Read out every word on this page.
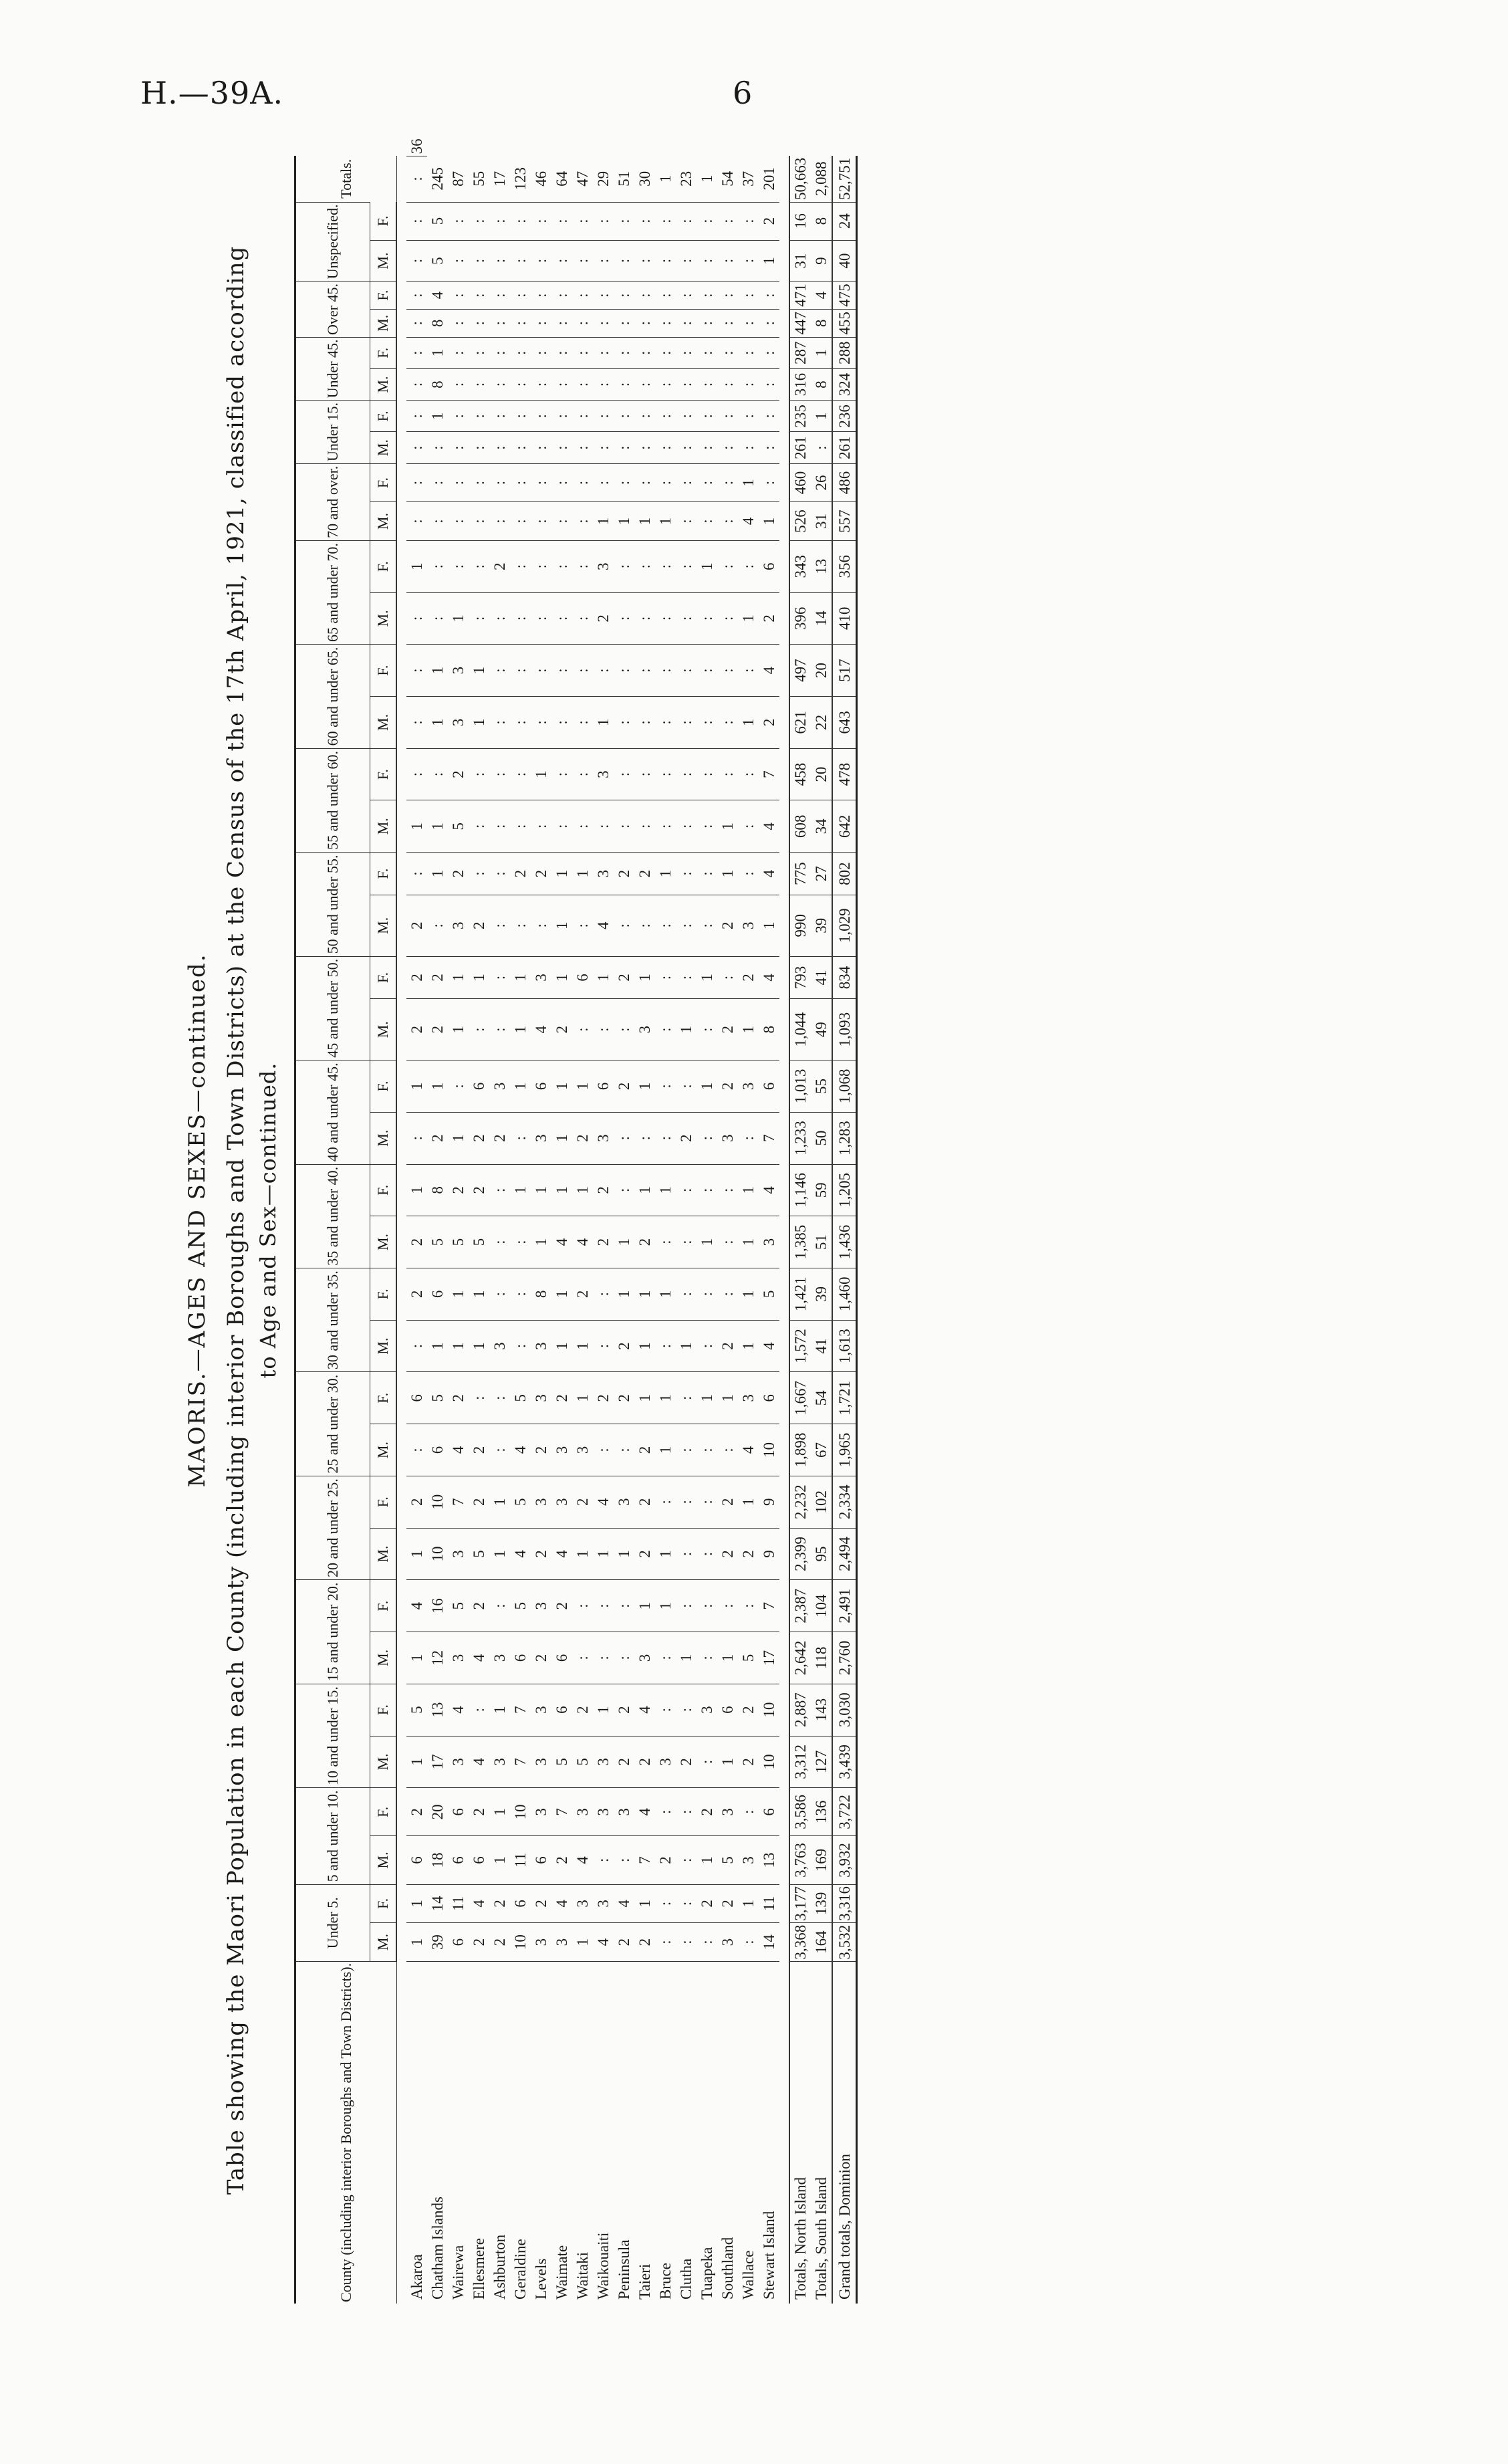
H.—39A.	6
MAORIS.—AGES AND SEXES—continued. Table showing the Maori Population in each County (including interior Boroughs and Town Districts) at the Census of the 17th April, 1921, classified according to Age and Sex—continued.
County (including interior Boroughs and Town Districts).	Under 5.		5 and under 10.		10 and under 15.		15 and under 20.		20 and under 25.		25 and under 30.		30 and under 35.		35 and under 40.		40 and under 45.		45 and under 50.		50 and under 55.		55 and under 60.		60 and under 65.		65 and under 70.		70 and over.		Under 15.		Under 45.		Over 45.		Unspecified.		Totals.	
	M.	F.	M.	F.	M.	F.	M.	F.	M.	F.	M.	F.	M.	F.	M.	F.	M.	F.	M.	F.	M.	F.	M.	F.	M.	F.	M.	F.	M.	F.	M.	F.	M.	F.	M.	F.	M.	F.		

Akaroa	1	1	6	2	1	5	1	4	1	2	:	6	:	2	2	1	:	1	2	2	2	:	1	:	:	:	:	1	:	:	:	:	:	:	:	:	:	:	:	36
Chatham Islands	39	14	18	20	17	13	12	16	10	10	6	5	1	6	5	8	2	1	2	2	:	1	1	:	1	1	:	:	:	:	:	1	8	1	8	4	5	5	245	
Wairewa	6	11	6	6	3	4	3	5	3	7	4	2	1	1	5	2	1	:	1	1	3	2	5	2	3	3	1	:	:	:	:	:	:	:	:	:	:	:	87	
Ellesmere	2	4	6	2	4	:	4	2	5	2	2	:	1	1	5	2	2	6	:	1	2	:	:	:	1	1	:	:	:	:	:	:	:	:	:	:	:	:	55	
Ashburton	2	2	1	1	3	1	3	:	1	1	:	:	3	:	:	:	2	3	:	:	:	:	:	:	:	:	:	2	:	:	:	:	:	:	:	:	:	:	17	
Geraldine	10	6	11	10	7	7	6	5	4	5	4	5	:	:	:	1	:	1	1	1	:	2	:	:	:	:	:	:	:	:	:	:	:	:	:	:	:	:	123	
Levels	3	2	6	3	3	3	2	3	2	3	2	3	3	8	1	1	3	6	4	3	:	2	:	1	:	:	:	:	:	:	:	:	:	:	:	:	:	:	46	
Waimate	3	4	2	7	5	6	6	2	4	3	3	2	1	1	4	1	1	1	2	1	1	1	:	:	:	:	:	:	:	:	:	:	:	:	:	:	:	:	64	
Waitaki	1	3	4	3	5	2	:	:	1	2	3	1	1	2	4	1	2	1	:	6	:	1	:	:	:	:	:	:	:	:	:	:	:	:	:	:	:	:	47	
Waikouaiti	4	3	:	3	3	1	:	:	1	4	:	2	:	:	2	2	3	6	:	1	4	3	:	3	1	:	2	3	1	:	:	:	:	:	:	:	:	:	29	
Peninsula	2	4	:	3	2	2	:	:	1	3	:	2	2	1	1	:	:	2	:	2	:	2	:	:	:	:	:	:	1	:	:	:	:	:	:	:	:	:	51	
Taieri	2	1	7	4	2	4	3	1	2	2	2	1	1	1	2	1	:	1	3	1	:	2	:	:	:	:	:	:	1	:	:	:	:	:	:	:	:	:	30	
Bruce	:	:	2	:	3	:	:	1	1	:	1	1	:	1	:	1	:	:	:	:	:	1	:	:	:	:	:	:	1	:	:	:	:	:	:	:	:	:	1	
Clutha	:	:	:	:	2	:	1	:	:	:	:	:	1	:	:	:	2	:	1	:	:	:	:	:	:	:	:	:	:	:	:	:	:	:	:	:	:	:	23	
Tuapeka	:	2	1	2	:	3	:	:	:	:	:	1	:	:	1	:	:	1	:	1	:	:	:	:	:	:	:	1	:	:	:	:	:	:	:	:	:	:	1	
Southland	3	2	5	3	1	6	1	:	2	2	:	1	2	:	:	:	3	2	2	:	2	1	1	:	:	:	:	:	:	:	:	:	:	:	:	:	:	:	54	
Wallace	:	1	3	:	2	2	5	:	2	1	4	3	1	1	1	1	:	3	1	2	3	:	:	:	1	:	1	:	4	1	:	:	:	:	:	:	:	:	37	
Stewart Island	14	11	13	6	10	10	17	7	9	9	10	6	4	5	3	4	7	6	8	4	1	4	4	7	2	4	2	6	1	:	:	:	:	:	:	:	1	2	201	

Totals, North Island	3,368	3,177	3,763	3,586	3,312	2,887	2,642	2,387	2,399	2,232	1,898	1,667	1,572	1,421	1,385	1,146	1,233	1,013	1,044	793	990	775	608	458	621	497	396	343	526	460	261	235	316	287	447	471	31	16	50,663	
Totals, South Island	164	139	169	136	127	143	118	104	95	102	67	54	41	39	51	59	50	55	49	41	39	27	34	20	22	20	14	13	31	26	:	1	8	1	8	4	9	8	2,088	
Grand totals, Dominion	3,532	3,316	3,932	3,722	3,439	3,030	2,760	2,491	2,494	2,334	1,965	1,721	1,613	1,460	1,436	1,205	1,283	1,068	1,093	834	1,029	802	642	478	643	517	410	356	557	486	261	236	324	288	455	475	40	24	52,751	
